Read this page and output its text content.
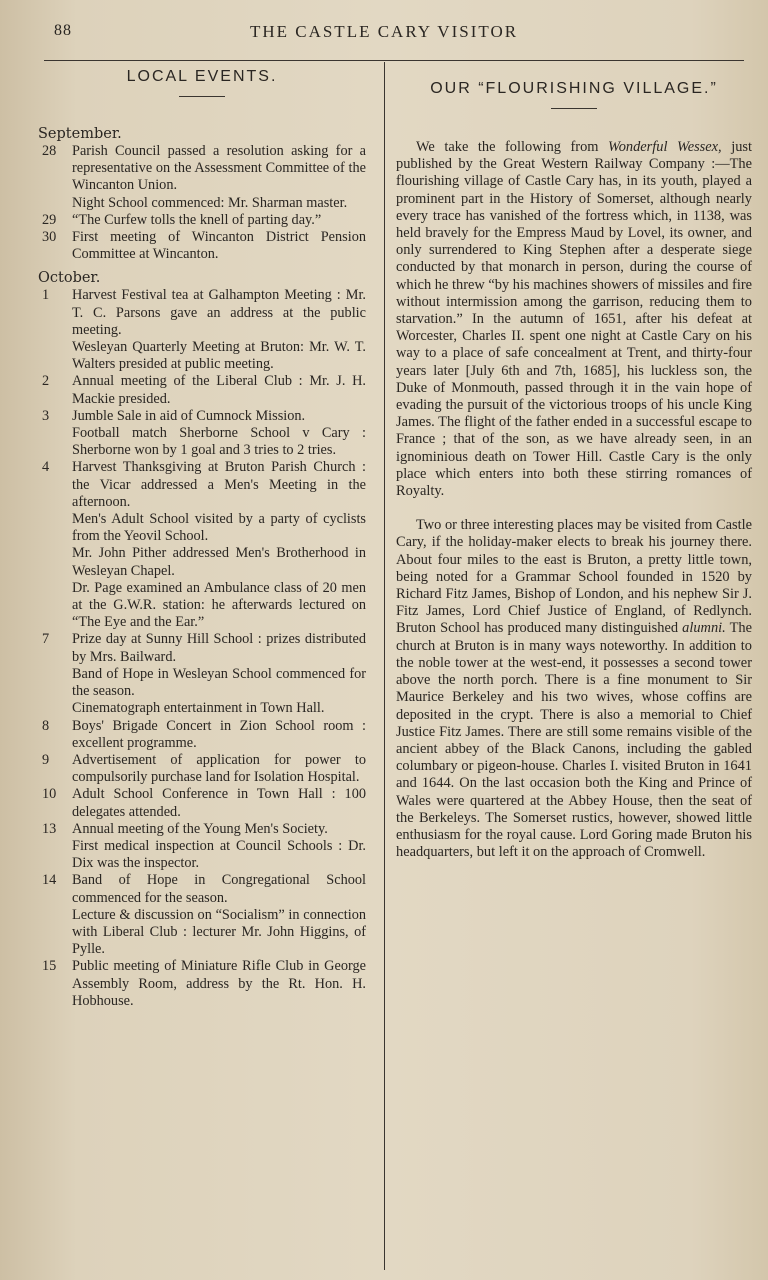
88	THE CASTLE CARY VISITOR
LOCAL EVENTS.
September.
28	Parish Council passed a resolution asking for a representative on the Assessment Committee of the Wincanton Union.

Night School commenced: Mr. Sharman master.

29	“The Curfew tolls the knell of parting day.”

30	First meeting of Wincanton District Pension Committee at Wincanton.

October.
1	Harvest Festival tea at Galhampton Meeting : Mr. T. C. Parsons gave an address at the public meeting.

Wesleyan Quarterly Meeting at Bruton: Mr. W. T. Walters presided at public meeting.

2	Annual meeting of the Liberal Club : Mr. J. H. Mackie presided.

3	Jumble Sale in aid of Cumnock Mission.

Football match Sherborne School v Cary : Sherborne won by 1 goal and 3 tries to 2 tries.

4	Harvest Thanksgiving at Bruton Parish Church : the Vicar addressed a Men's Meeting in the afternoon.

Men's Adult School visited by a party of cyclists from the Yeovil School.

Mr. John Pither addressed Men's Brotherhood in Wesleyan Chapel.

Dr. Page examined an Ambulance class of 20 men at the G.W.R. station: he afterwards lectured on “The Eye and the Ear.”

7	Prize day at Sunny Hill School : prizes distributed by Mrs. Bailward.

Band of Hope in Wesleyan School commenced for the season.

Cinematograph entertainment in Town Hall.

8	Boys' Brigade Concert in Zion School room : excellent programme.

9	Advertisement of application for power to compulsorily purchase land for Isolation Hospital.

10	Adult School Conference in Town Hall : 100 delegates attended.

13	Annual meeting of the Young Men's Society.

First medical inspection at Council Schools : Dr. Dix was the inspector.

14	Band of Hope in Congregational School commenced for the season.

Lecture & discussion on “Socialism” in connection with Liberal Club : lecturer Mr. John Higgins, of Pylle.

15	Public meeting of Miniature Rifle Club in George Assembly Room, address by the Rt. Hon. H. Hobhouse.

OUR “FLOURISHING VILLAGE.”

We take the following from Wonderful Wessex, just published by the Great Western Railway Company :—The flourishing village of Castle Cary has, in its youth, played a prominent part in the History of Somerset, although nearly every trace has vanished of the fortress which, in 1138, was held bravely for the Empress Maud by Lovel, its owner, and only surrendered to King Stephen after a desperate siege conducted by that monarch in person, during the course of which he threw “by his machines showers of missiles and fire without intermission among the garrison, reducing them to starvation.” In the autumn of 1651, after his defeat at Worcester, Charles II. spent one night at Castle Cary on his way to a place of safe concealment at Trent, and thirty-four years later [July 6th and 7th, 1685], his luckless son, the Duke of Monmouth, passed through it in the vain hope of evading the pursuit of the victorious troops of his uncle King James. The flight of the father ended in a successful escape to France ; that of the son, as we have already seen, in an ignominious death on Tower Hill. Castle Cary is the only place which enters into both these stirring romances of Royalty.

Two or three interesting places may be visited from Castle Cary, if the holiday-maker elects to break his journey there. About four miles to the east is Bruton, a pretty little town, being noted for a Grammar School founded in 1520 by Richard Fitz James, Bishop of London, and his nephew Sir J. Fitz James, Lord Chief Justice of England, of Redlynch. Bruton School has produced many distinguished alumni. The church at Bruton is in many ways noteworthy. In addition to the noble tower at the west-end, it possesses a second tower above the north porch. There is a fine monument to Sir Maurice Berkeley and his two wives, whose coffins are deposited in the crypt. There is also a memorial to Chief Justice Fitz James. There are still some remains visible of the ancient abbey of the Black Canons, including the gabled columbary or pigeon-house. Charles I. visited Bruton in 1641 and 1644. On the last occasion both the King and Prince of Wales were quartered at the Abbey House, then the seat of the Berkeleys. The Somerset rustics, however, showed little enthusiasm for the royal cause. Lord Goring made Bruton his headquarters, but left it on the approach of Cromwell.
